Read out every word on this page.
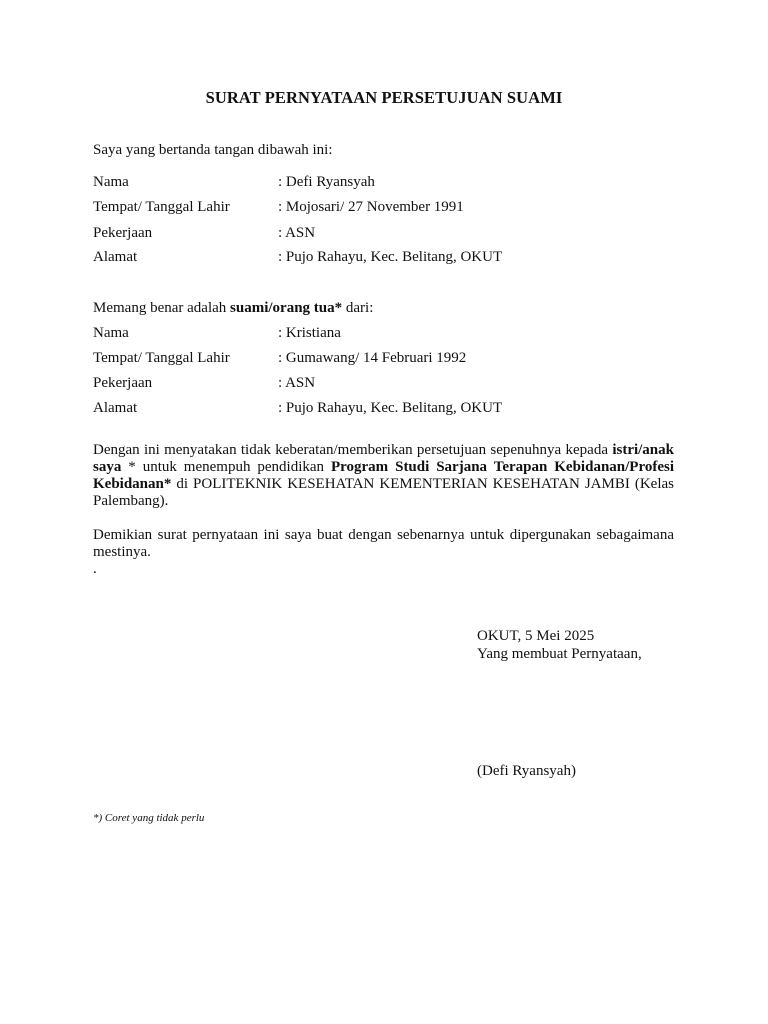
SURAT PERNYATAAN PERSETUJUAN SUAMI
Saya yang bertanda tangan dibawah ini:
Nama	: Defi Ryansyah
Tempat/ Tanggal Lahir	: Mojosari/ 27 November 1991
Pekerjaan	: ASN
Alamat	: Pujo Rahayu, Kec. Belitang, OKUT
Memang benar adalah suami/orang tua* dari:
Nama	: Kristiana
Tempat/ Tanggal Lahir	: Gumawang/ 14 Februari 1992
Pekerjaan	: ASN
Alamat	: Pujo Rahayu, Kec. Belitang, OKUT
Dengan ini menyatakan tidak keberatan/memberikan persetujuan sepenuhnya kepada istri/anak saya * untuk menempuh pendidikan Program Studi Sarjana Terapan Kebidanan/Profesi Kebidanan* di POLITEKNIK KESEHATAN KEMENTERIAN KESEHATAN JAMBI (Kelas Palembang).
Demikian surat pernyataan ini saya buat dengan sebenarnya untuk dipergunakan sebagaimana mestinya.
.
OKUT, 5 Mei 2025
Yang membuat Pernyataan,
(Defi Ryansyah)
*) Coret yang tidak perlu
